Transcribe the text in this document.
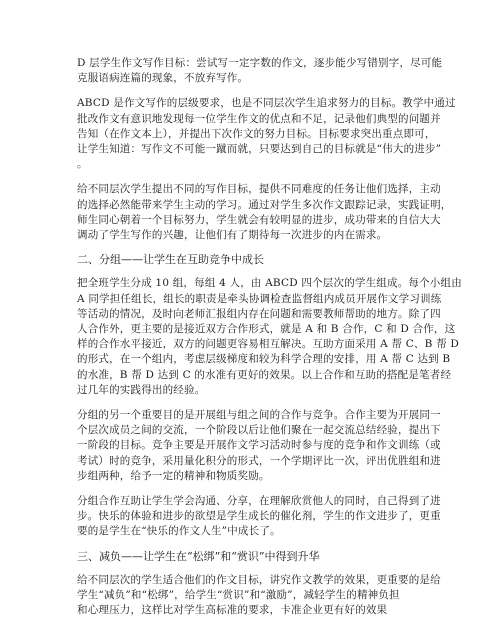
D 层学生作文写作目标：尝试写一定字数的作文，逐步能少写错别字，尽可能
克服语病连篇的现象，不放弃写作。
ABCD 是作文写作的层级要求，也是不同层次学生追求努力的目标。教学中通过
批改作文有意识地发现每一位学生作文的优点和不足，记录他们典型的问题并
告知（在作文本上），并提出下次作文的努力目标。目标要求突出重点即可，
让学生知道：写作文不可能一蹴而就，只要达到自己的目标就是“伟大的进步”
。
给不同层次学生提出不同的写作目标，提供不同难度的任务让他们选择，主动
的选择必然能带来学生主动的学习。通过对学生多次作文跟踪记录，实践证明，
师生同心朝着一个目标努力，学生就会有较明显的进步，成功带来的自信大大
调动了学生写作的兴趣，让他们有了期待每一次进步的内在需求。
二、分组——让学生在互助竞争中成长
把全班学生分成 10 组，每组 4 人，由 ABCD 四个层次的学生组成。每个小组由
A 同学担任组长，组长的职责是牵头协调检查监督组内成员开展作文学习训练
等活动的情况，及时向老师汇报组内存在问题和需要教师帮助的地方。除了四
人合作外，更主要的是接近双方合作形式，就是 A 和 B 合作，C 和 D 合作，这
样的合作水平接近，双方的问题更容易相互解决。互助方面采用 A 帮 C、B 帮 D
的形式，在一个组内，考虑层级梯度和较为科学合理的安排，用 A 帮 C 达到 B
的水准，B 帮 D 达到 C 的水准有更好的效果。以上合作和互助的搭配是笔者经
过几年的实践得出的经验。
分组的另一个重要目的是开展组与组之间的合作与竞争。合作主要为开展同一
个层次成员之间的交流，一个阶段以后让他们聚在一起交流总结经验，提出下
一阶段的目标。竞争主要是开展作文学习活动时参与度的竞争和作文训练（或
考试）时的竞争，采用量化积分的形式，一个学期评比一次，评出优胜组和进
步组两种，给予一定的精神和物质奖励。
分组合作互助让学生学会沟通、分享，在理解欣赏他人的同时，自己得到了进
步。快乐的体验和进步的欲望是学生成长的催化剂，学生的作文进步了，更重
要的是学生在“快乐的作文人生”中成长了。
三、减负——让学生在“松绑”和“赏识”中得到升华
给不同层次的学生适合他们的作文目标，讲究作文教学的效果，更重要的是给
学生“减负”和“松绑”，给学生“赏识”和“激励”，减轻学生的精神负担
和心理压力，这样比对学生高标准的要求，卡准企业更有好的效果
